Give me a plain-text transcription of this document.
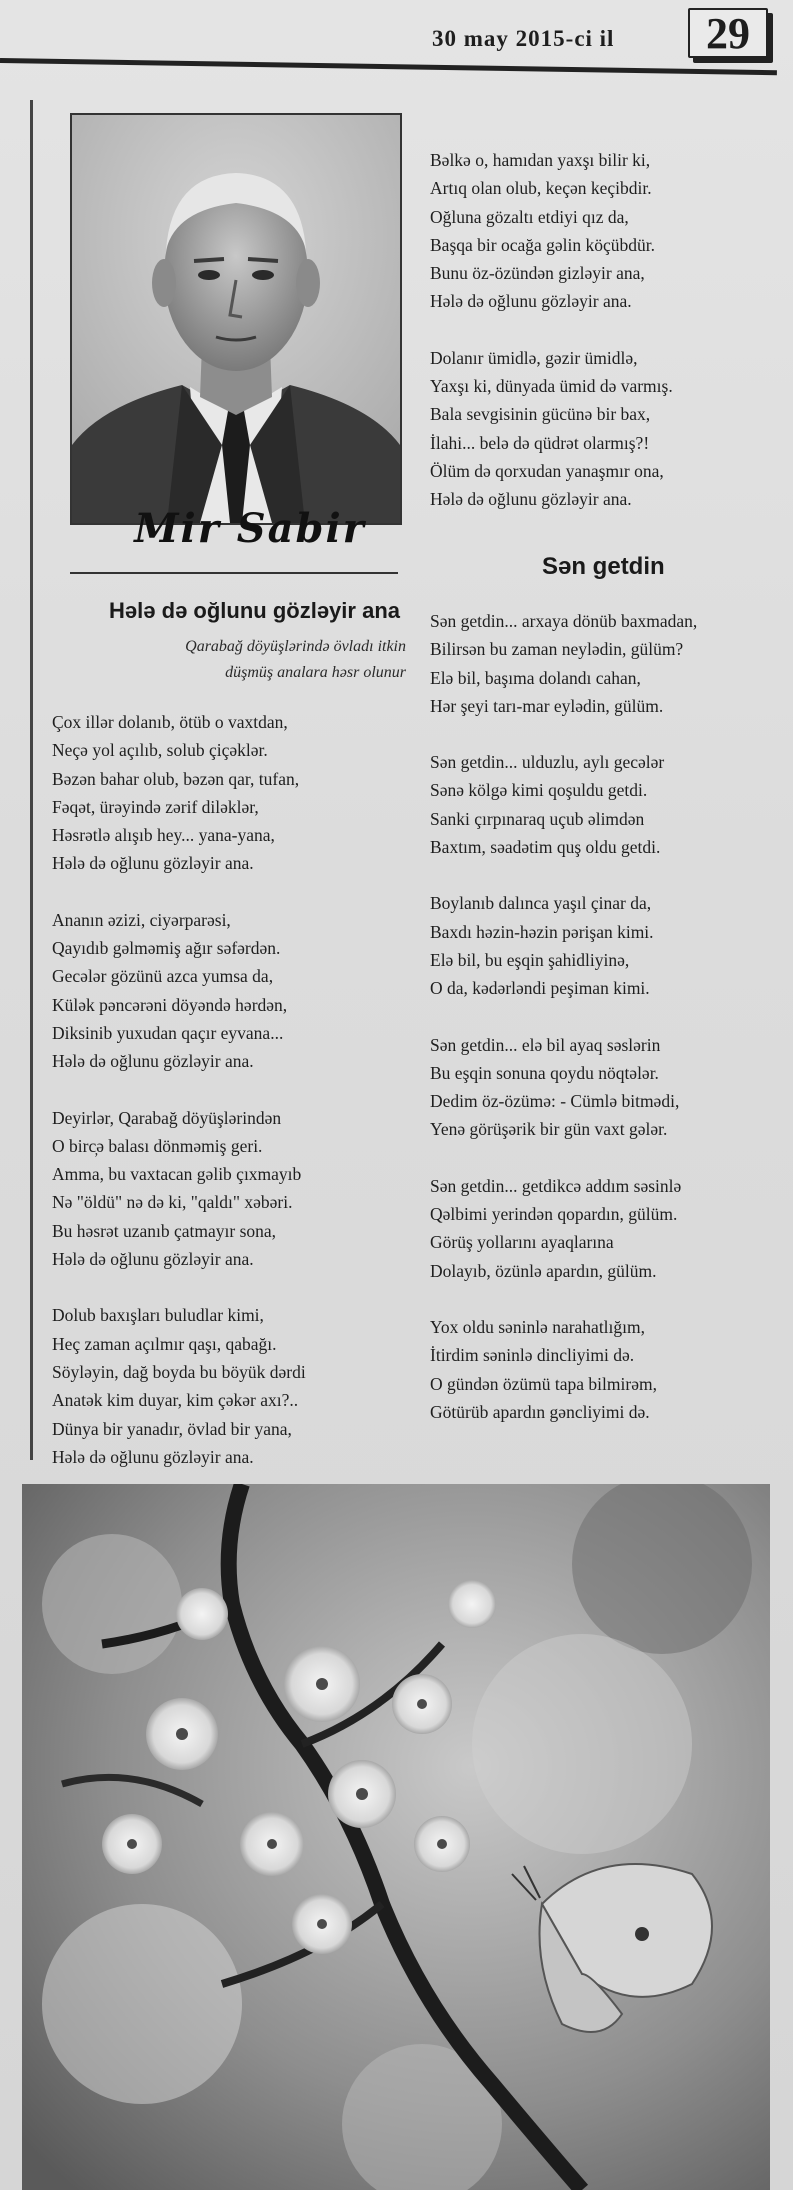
30 may 2015-ci il	29
Mir Sabir
Hələ də oğlunu gözləyir ana
Qarabağ döyüşlərində övladı itkin
düşmüş analara həsr olunur
Çox illər dolanıb, ötüb o vaxtdan,
Neçə yol açılıb, solub çiçəklər.
Bəzən bahar olub, bəzən qar, tufan,
Fəqət, ürəyində zərif diləklər,
Həsrətlə alışıb hey... yana-yana,
Hələ də oğlunu gözləyir ana.
Ananın əzizi, ciyərparəsi,
Qayıdıb gəlməmiş ağır səfərdən.
Gecələr gözünü azca yumsa da,
Külək pəncərəni döyəndə hərdən,
Diksinib yuxudan qaçır eyvana...
Hələ də oğlunu gözləyir ana.
Deyirlər, Qarabağ döyüşlərindən
O birc̦ə balası dönməmiş geri.
Amma, bu vaxtacan gəlib çıxmayıb
Nə "öldü" nə də ki, "qaldı" xəbəri.
Bu həsrət uzanıb çatmayır sona,
Hələ də oğlunu gözləyir ana.
Dolub baxışları buludlar kimi,
Heç zaman açılmır qaşı, qabağı.
Söyləyin, dağ boyda bu böyük dərdi
Anatək kim duyar, kim çəkər axı?..
Dünya bir yanadır, övlad bir yana,
Hələ də oğlunu gözləyir ana.
Bəlkə o, hamıdan yaxşı bilir ki,
Artıq olan olub, keçən keçibdir.
Oğluna gözaltı etdiyi qız da,
Başqa bir ocağa gəlin köçübdür.
Bunu öz-özündən gizləyir ana,
Hələ də oğlunu gözləyir ana.
Dolanır ümidlə, gəzir ümidlə,
Yaxşı ki, dünyada ümid də varmış.
Bala sevgisinin gücünə bir bax,
İlahi... belə də qüdrət olarmış?!
Ölüm də qorxudan yanaşmır ona,
Hələ də oğlunu gözləyir ana.
Sən getdin
Sən getdin... arxaya dönüb baxmadan,
Bilirsən bu zaman neylədin, gülüm?
Elə bil, başıma dolandı cahan,
Hər şeyi tarı-mar eylədin, gülüm.
Sən getdin... ulduzlu, aylı gecələr
Sənə kölgə kimi qoşuldu getdi.
Sanki çırpınaraq uçub əlimdən
Baxtım, səadətim quş oldu getdi.
Boylanıb dalınca yaşıl çinar da,
Baxdı həzin-həzin pərişan kimi.
Elə bil, bu eşqin şahidliyinə,
O da, kədərləndi peşiman kimi.
Sən getdin... elə bil ayaq səslərin
Bu eşqin sonuna qoydu nöqtələr.
Dedim öz-özümə: - Cümlə bitmədi,
Yenə görüşərik bir gün vaxt gələr.
Sən getdin... getdikcə addım səsinlə
Qəlbimi yerindən qopardın, gülüm.
Görüş yollarını ayaqlarına
Dolayıb, özünlə apardın, gülüm.
Yox oldu səninlə narahatlığım,
İtirdim səninlə dincliyimi də.
O gündən özümü tapa bilmirəm,
Götürüb apardın gəncliyimi də.
